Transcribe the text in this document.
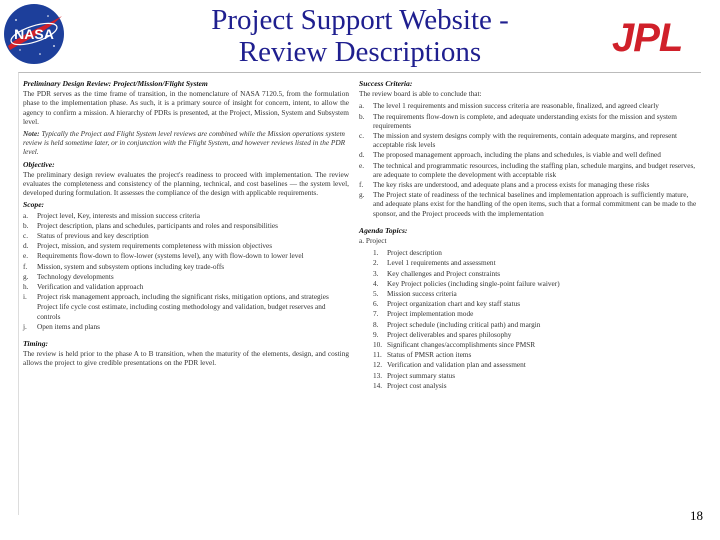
NASA	Project Support Website -
Review Descriptions	JPL
Preliminary Design Review: Project/Mission/Flight System

The PDR serves as the time frame of transition, in the nomenclature of NASA 7120.5, from the formulation phase to the implementation phase. As such, it is a primary source of insight for concern, intent, to allow the agency to confirm a mission. A hierarchy of PDRs is presented, at the Project, Mission, System and Subsystem level.

Note: Typically the Project and Flight System level reviews are combined while the Mission operations system review is held sometime later, or in conjunction with the Flight System, and however reviews listed in the PDR level.

Objective:

The preliminary design review evaluates the project's readiness to proceed with implementation. The review evaluates the completeness and consistency of the planning, technical, and cost baselines — the system level, developed during formulation. It assesses the compliance of the design with applicable requirements.

Scope:
a.	Project level, Key, interests and mission success criteria
b.	Project description, plans and schedules, participants and roles and responsibilities
c.	Status of previous and key description
d.	Project, mission, and system requirements completeness with mission objectives
e.	Requirements flow-down to flow-lower (systems level), any with flow-down to lower level
f.	Mission, system and subsystem options including key trade-offs
g.	Technology developments
h.	Verification and validation approach
i.	Project risk management approach, including the significant risks, mitigation options, and strategies
Project life cycle cost estimate, including costing methodology and validation, budget reserves and controls
j.	Open items and plans
Timing:

The review is held prior to the phase A to B transition, when the maturity of the elements, design, and costing allows the project to give credible presentations on the PDR level.

Success Criteria:

The review board is able to conclude that:

a.	The level 1 requirements and mission success criteria are reasonable, finalized, and agreed clearly
b.	The requirements flow-down is complete, and adequate understanding exists for the mission and system requirements
c.	The mission and system designs comply with the requirements, contain adequate margins, and represent acceptable risk levels
d.	The proposed management approach, including the plans and schedules, is viable and well defined
e.	The technical and programmatic resources, including the staffing plan, schedule margins, and budget reserves, are adequate to complete the development with acceptable risk
f.	The key risks are understood, and adequate plans and a process exists for managing these risks
g.	The Project state of readiness of the technical baselines and implementation approach is sufficiently mature, and adequate plans exist for the handling of the open items, such that a formal commitment can be made to the sponsor, and the Project proceeds with the implementation
Agenda Topics:
a. Project
1.	Project description
2.	Level 1 requirements and assessment
3.	Key challenges and Project constraints
4.	Key Project policies (including single-point failure waiver)
5.	Mission success criteria
6.	Project organization chart and key staff status
7.	Project implementation mode
8.	Project schedule (including critical path) and margin
9.	Project deliverables and spares philosophy
10. Significant changes/accomplishments since PMSR
11. Status of PMSR action items
12. Verification and validation plan and assessment
13. Project summary status
14. Project cost analysis
18
